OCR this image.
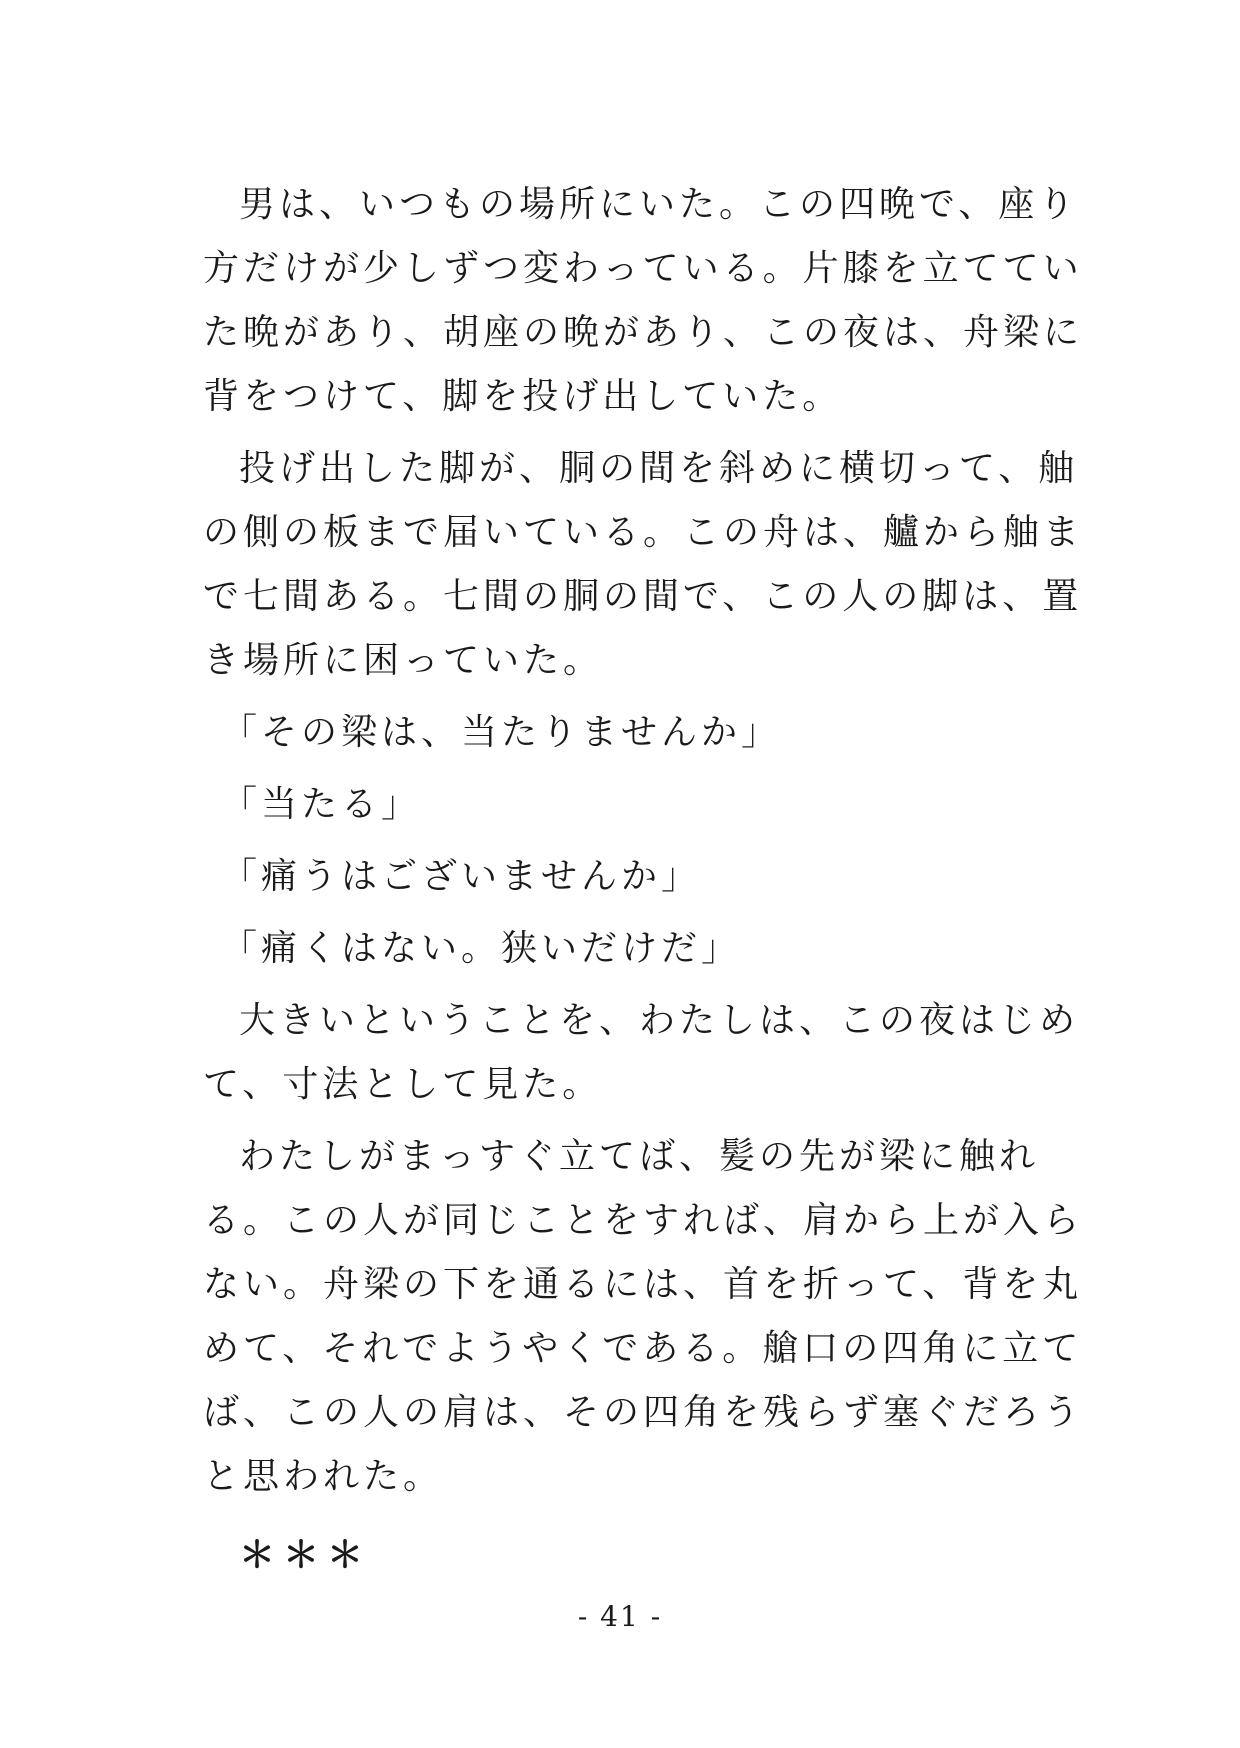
男は、いつもの場所にいた。この四晩で、座り
方だけが少しずつ変わっている。片膝を立ててい
た晩があり、胡座の晩があり、この夜は、舟梁に
背をつけて、脚を投げ出していた。

投げ出した脚が、胴の間を斜めに横切って、舳
の側の板まで届いている。この舟は、艫から舳ま
で七間ある。七間の胴の間で、この人の脚は、置
き場所に困っていた。

「その梁は、当たりませんか」

「当たる」

「痛うはございませんか」

「痛くはない。狭いだけだ」

大きいということを、わたしは、この夜はじめ
て、寸法として見た。

わたしがまっすぐ立てば、髪の先が梁に触れ
る。この人が同じことをすれば、肩から上が入ら
ない。舟梁の下を通るには、首を折って、背を丸
めて、それでようやくである。艙口の四角に立て
ば、この人の肩は、その四角を残らず塞ぐだろう
と思われた。

＊＊＊
- 41 -
